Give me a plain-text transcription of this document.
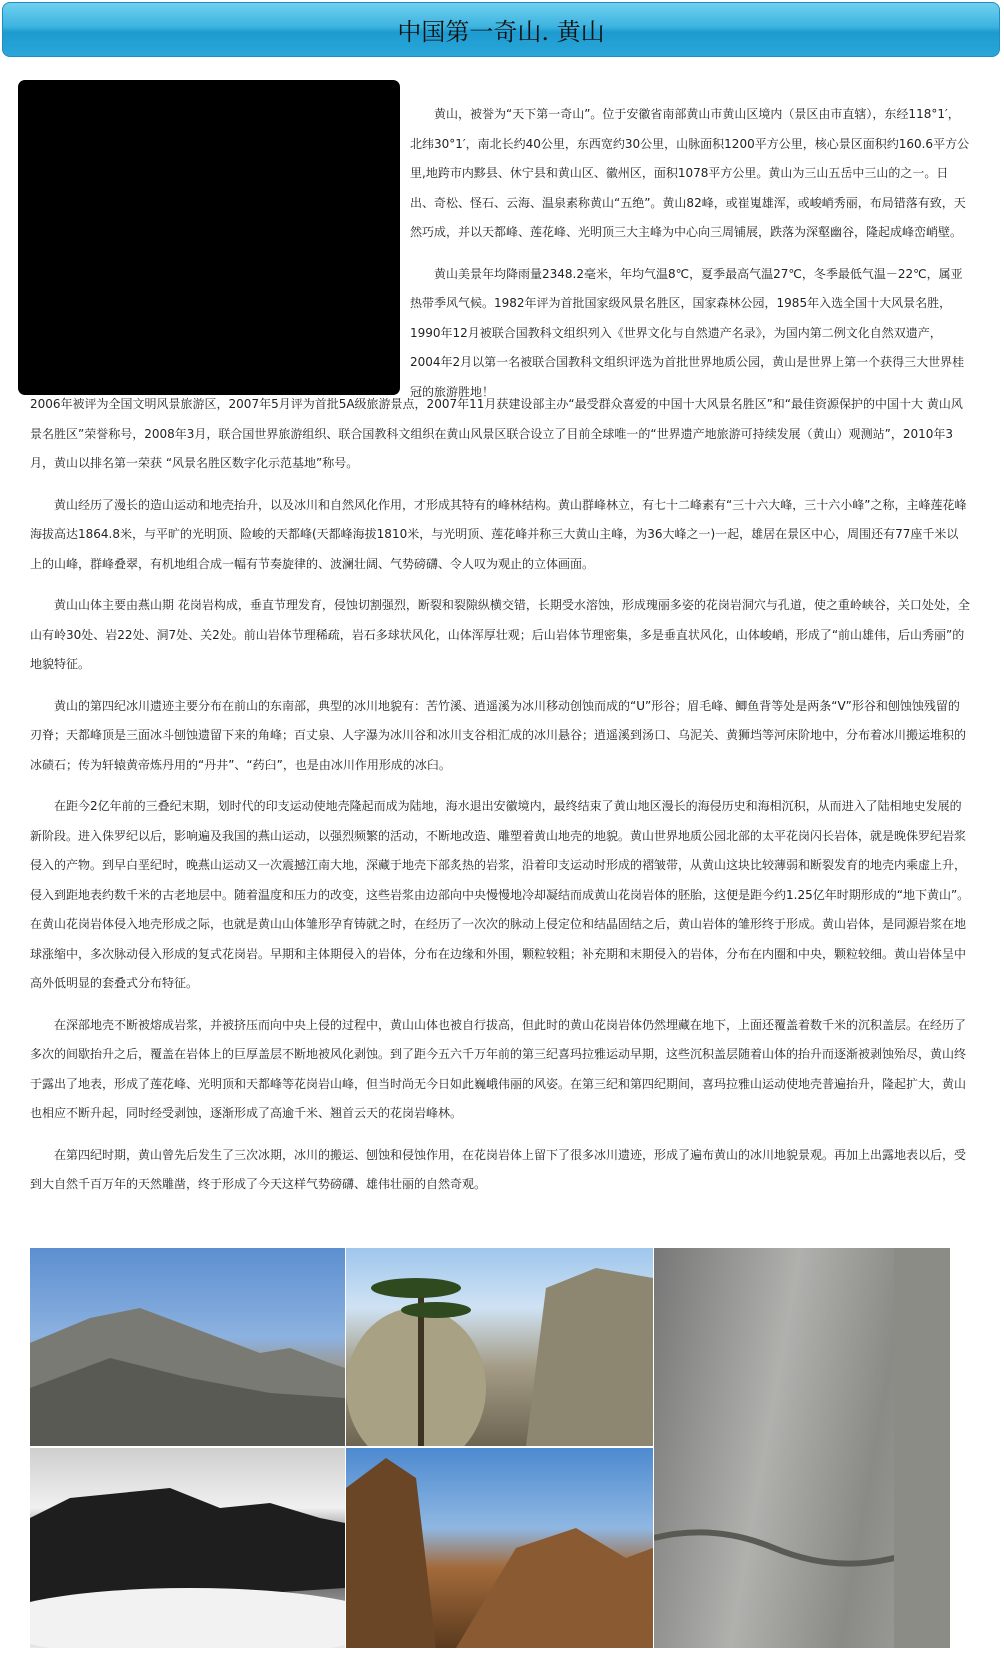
中国第一奇山. 黄山

黄山，被誉为“天下第一奇山”。位于安徽省南部黄山市黄山区境内（景区由市直辖），东经118°1′，北纬30°1′，南北长约40公里，东西宽约30公里，山脉面积1200平方公里，核心景区面积约160.6平方公里,地跨市内黟县、休宁县和黄山区、徽州区，面积1078平方公里。黄山为三山五岳中三山的之一。日出、奇松、怪石、云海、温泉素称黄山“五绝”。黄山82峰，或崔嵬雄浑，或峻峭秀丽，布局错落有致，天然巧成，并以天都峰、莲花峰、光明顶三大主峰为中心向三周铺展，跌落为深壑幽谷，隆起成峰峦峭壁。

黄山美景年均降雨量2348.2毫米，年均气温8℃，夏季最高气温27℃，冬季最低气温－22℃，属亚热带季风气候。1982年评为首批国家级风景名胜区，国家森林公园，1985年入选全国十大风景名胜，1990年12月被联合国教科文组织列入《世界文化与自然遗产名录》，为国内第二例文化自然双遗产，2004年2月以第一名被联合国教科文组织评选为首批世界地质公园，黄山是世界上第一个获得三大世界桂冠的旅游胜地！

2006年被评为全国文明风景旅游区，2007年5月评为首批5A级旅游景点，2007年11月获建设部主办“最受群众喜爱的中国十大风景名胜区”和“最佳资源保护的中国十大 黄山风景名胜区”荣誉称号，2008年3月，联合国世界旅游组织、联合国教科文组织在黄山风景区联合设立了目前全球唯一的“世界遗产地旅游可持续发展（黄山）观测站”，2010年3月，黄山以排名第一荣获 “风景名胜区数字化示范基地”称号。

黄山经历了漫长的造山运动和地壳抬升，以及冰川和自然风化作用，才形成其特有的峰林结构。黄山群峰林立，有七十二峰素有“三十六大峰，三十六小峰”之称，主峰莲花峰海拔高达1864.8米，与平旷的光明顶、险峻的天都峰(天都峰海拔1810米，与光明顶、莲花峰并称三大黄山主峰，为36大峰之一)一起，雄居在景区中心，周围还有77座千米以上的山峰，群峰叠翠，有机地组合成一幅有节奏旋律的、波澜壮阔、气势磅礴、令人叹为观止的立体画面。

黄山山体主要由燕山期 花岗岩构成，垂直节理发育，侵蚀切割强烈，断裂和裂隙纵横交错，长期受水溶蚀，形成瑰丽多姿的花岗岩洞穴与孔道，使之重岭峡谷，关口处处，全山有岭30处、岩22处、洞7处、关2处。前山岩体节理稀疏，岩石多球状风化，山体浑厚壮观；后山岩体节理密集，多是垂直状风化，山体峻峭，形成了“前山雄伟，后山秀丽”的地貌特征。

黄山的第四纪冰川遗迹主要分布在前山的东南部，典型的冰川地貌有：苦竹溪、逍遥溪为冰川移动创蚀而成的“U”形谷；眉毛峰、鲫鱼背等处是两条“V”形谷和刨蚀蚀残留的刃脊；天都峰顶是三面冰斗刨蚀遗留下来的角峰；百丈泉、人字瀑为冰川谷和冰川支谷相汇成的冰川悬谷；逍遥溪到汤口、乌泥关、黄狮垱等河床阶地中，分布着冰川搬运堆积的冰碛石；传为轩辕黄帝炼丹用的“丹井”、“药臼”，也是由冰川作用形成的冰臼。

在距今2亿年前的三叠纪末期，划时代的印支运动使地壳隆起而成为陆地，海水退出安徽境内，最终结束了黄山地区漫长的海侵历史和海相沉积，从而进入了陆相地史发展的新阶段。进入侏罗纪以后，影响遍及我国的燕山运动，以强烈频繁的活动，不断地改造、雕塑着黄山地壳的地貌。黄山世界地质公园北部的太平花岗闪长岩体，就是晚侏罗纪岩浆侵入的产物。到早白垩纪时，晚燕山运动又一次震撼江南大地，深藏于地壳下部炙热的岩浆，沿着印支运动时形成的褶皱带，从黄山这块比较薄弱和断裂发育的地壳内乘虚上升，侵入到距地表约数千米的古老地层中。随着温度和压力的改变，这些岩浆由边部向中央慢慢地冷却凝结而成黄山花岗岩体的胚胎，这便是距今约1.25亿年时期形成的“地下黄山”。在黄山花岗岩体侵入地壳形成之际，也就是黄山山体雏形孕育铸就之时，在经历了一次次的脉动上侵定位和结晶固结之后，黄山岩体的雏形终于形成。黄山岩体，是同源岩浆在地球涨缩中，多次脉动侵入形成的复式花岗岩。早期和主体期侵入的岩体，分布在边缘和外围，颗粒较粗；补充期和末期侵入的岩体，分布在内圈和中央，颗粒较细。黄山岩体呈中高外低明显的套叠式分布特征。

在深部地壳不断被熔成岩浆，并被挤压而向中央上侵的过程中，黄山山体也被自行拔高，但此时的黄山花岗岩体仍然埋藏在地下，上面还覆盖着数千米的沉积盖层。在经历了多次的间歇抬升之后，覆盖在岩体上的巨厚盖层不断地被风化剥蚀。到了距今五六千万年前的第三纪喜玛拉雅运动早期，这些沉积盖层随着山体的抬升而逐渐被剥蚀殆尽，黄山终于露出了地表，形成了莲花峰、光明顶和天都峰等花岗岩山峰，但当时尚无今日如此巍峨伟丽的风姿。在第三纪和第四纪期间，喜玛拉雅山运动使地壳普遍抬升，隆起扩大，黄山也相应不断升起，同时经受剥蚀，逐渐形成了高逾千米、翘首云天的花岗岩峰林。

在第四纪时期，黄山曾先后发生了三次冰期，冰川的搬运、刨蚀和侵蚀作用，在花岗岩体上留下了很多冰川遗迹，形成了遍布黄山的冰川地貌景观。再加上出露地表以后，受到大自然千百万年的天然雕凿，终于形成了今天这样气势磅礴、雄伟壮丽的自然奇观。
